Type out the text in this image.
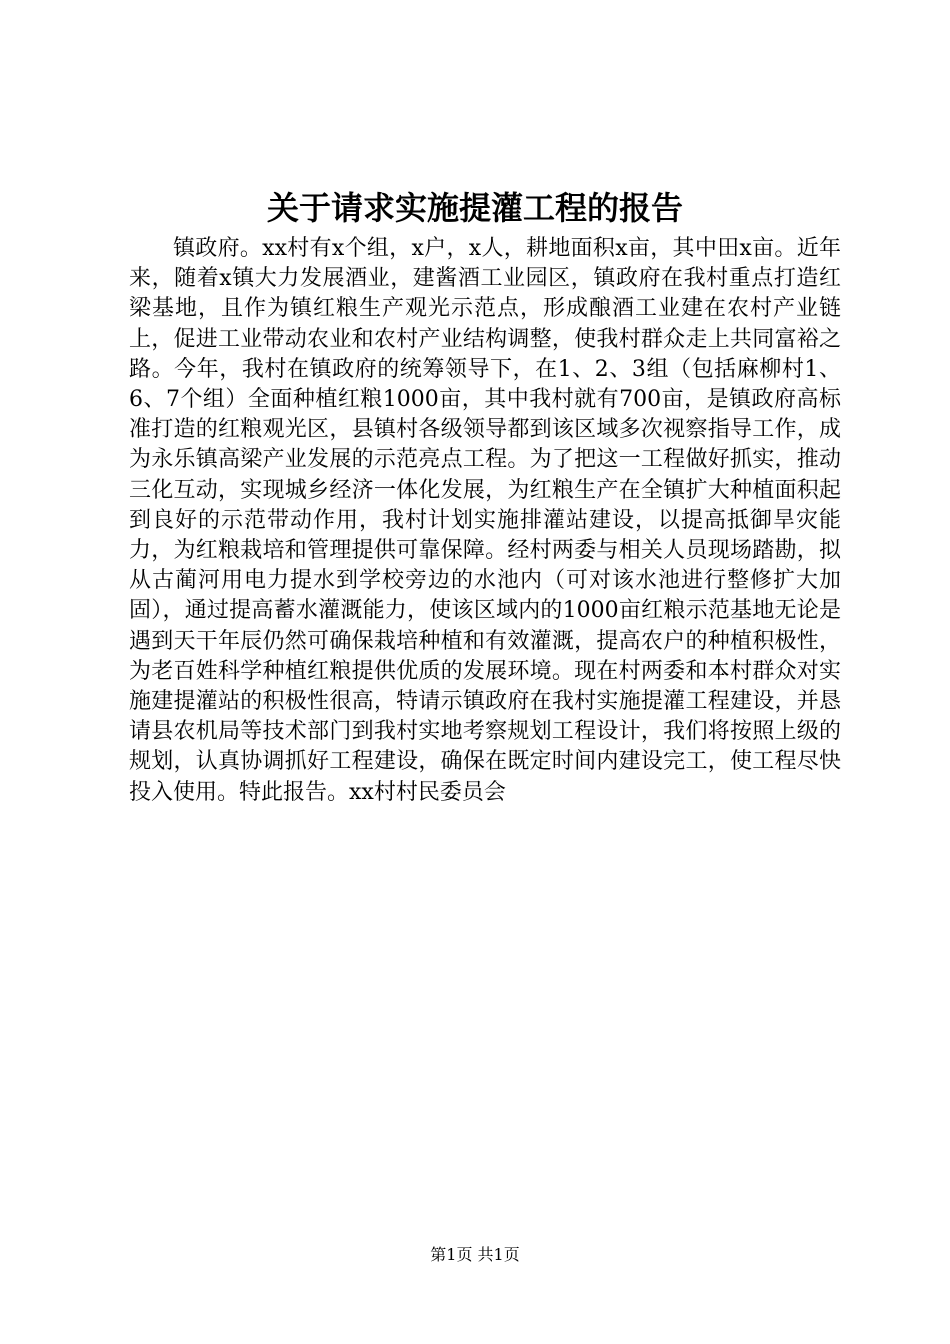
关于请求实施提灌工程的报告

镇政府。xx村有x个组，x户，x人，耕地面积x亩，其中田x亩。近年来，随着x镇大力发展酒业，建酱酒工业园区，镇政府在我村重点打造红梁基地，且作为镇红粮生产观光示范点，形成酿酒工业建在农村产业链上，促进工业带动农业和农村产业结构调整，使我村群众走上共同富裕之路。今年，我村在镇政府的统筹领导下，在1、2、3组（包括麻柳村1、6、7个组）全面种植红粮1000亩，其中我村就有700亩，是镇政府高标准打造的红粮观光区，县镇村各级领导都到该区域多次视察指导工作，成为永乐镇高梁产业发展的示范亮点工程。为了把这一工程做好抓实，推动三化互动，实现城乡经济一体化发展，为红粮生产在全镇扩大种植面积起到良好的示范带动作用，我村计划实施排灌站建设，以提高抵御旱灾能力，为红粮栽培和管理提供可靠保障。经村两委与相关人员现场踏勘，拟从古蔺河用电力提水到学校旁边的水池内（可对该水池进行整修扩大加固），通过提高蓄水灌溉能力，使该区域内的1000亩红粮示范基地无论是遇到天干年辰仍然可确保栽培种植和有效灌溉，提高农户的种植积极性，为老百姓科学种植红粮提供优质的发展环境。现在村两委和本村群众对实施建提灌站的积极性很高，特请示镇政府在我村实施提灌工程建设，并恳请县农机局等技术部门到我村实地考察规划工程设计，我们将按照上级的规划，认真协调抓好工程建设，确保在既定时间内建设完工，使工程尽快投入使用。特此报告。xx村村民委员会

第1页 共1页
